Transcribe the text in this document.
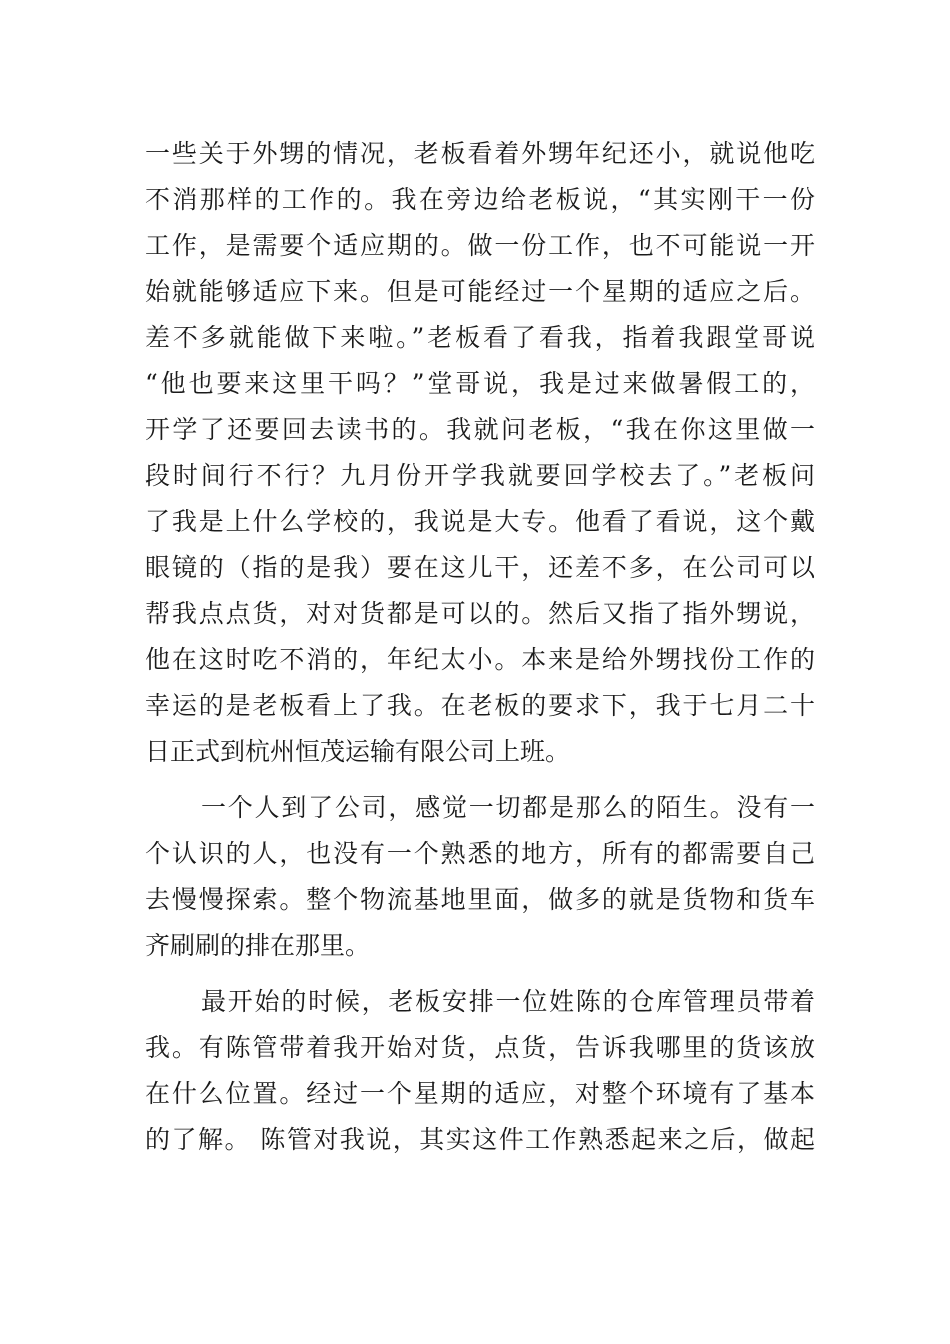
一些关于外甥的情况，老板看着外甥年纪还小，就说他吃
不消那样的工作的。我在旁边给老板说，“其实刚干一份
工作，是需要个适应期的。做一份工作，也不可能说一开
始就能够适应下来。但是可能经过一个星期的适应之后。
差不多就能做下来啦。”老板看了看我，指着我跟堂哥说
“他也要来这里干吗？”堂哥说，我是过来做暑假工的，
开学了还要回去读书的。我就问老板，“我在你这里做一
段时间行不行？九月份开学我就要回学校去了。”老板问
了我是上什么学校的，我说是大专。他看了看说，这个戴
眼镜的（指的是我）要在这儿干，还差不多，在公司可以
帮我点点货，对对货都是可以的。然后又指了指外甥说，
他在这时吃不消的，年纪太小。本来是给外甥找份工作的
幸运的是老板看上了我。在老板的要求下，我于七月二十
日正式到杭州恒茂运输有限公司上班。
一个人到了公司，感觉一切都是那么的陌生。没有一
个认识的人，也没有一个熟悉的地方，所有的都需要自己
去慢慢探索。整个物流基地里面，做多的就是货物和货车
齐刷刷的排在那里。
最开始的时候，老板安排一位姓陈的仓库管理员带着
我。有陈管带着我开始对货，点货，告诉我哪里的货该放
在什么位置。经过一个星期的适应，对整个环境有了基本
的了解。 陈管对我说，其实这件工作熟悉起来之后，做起
